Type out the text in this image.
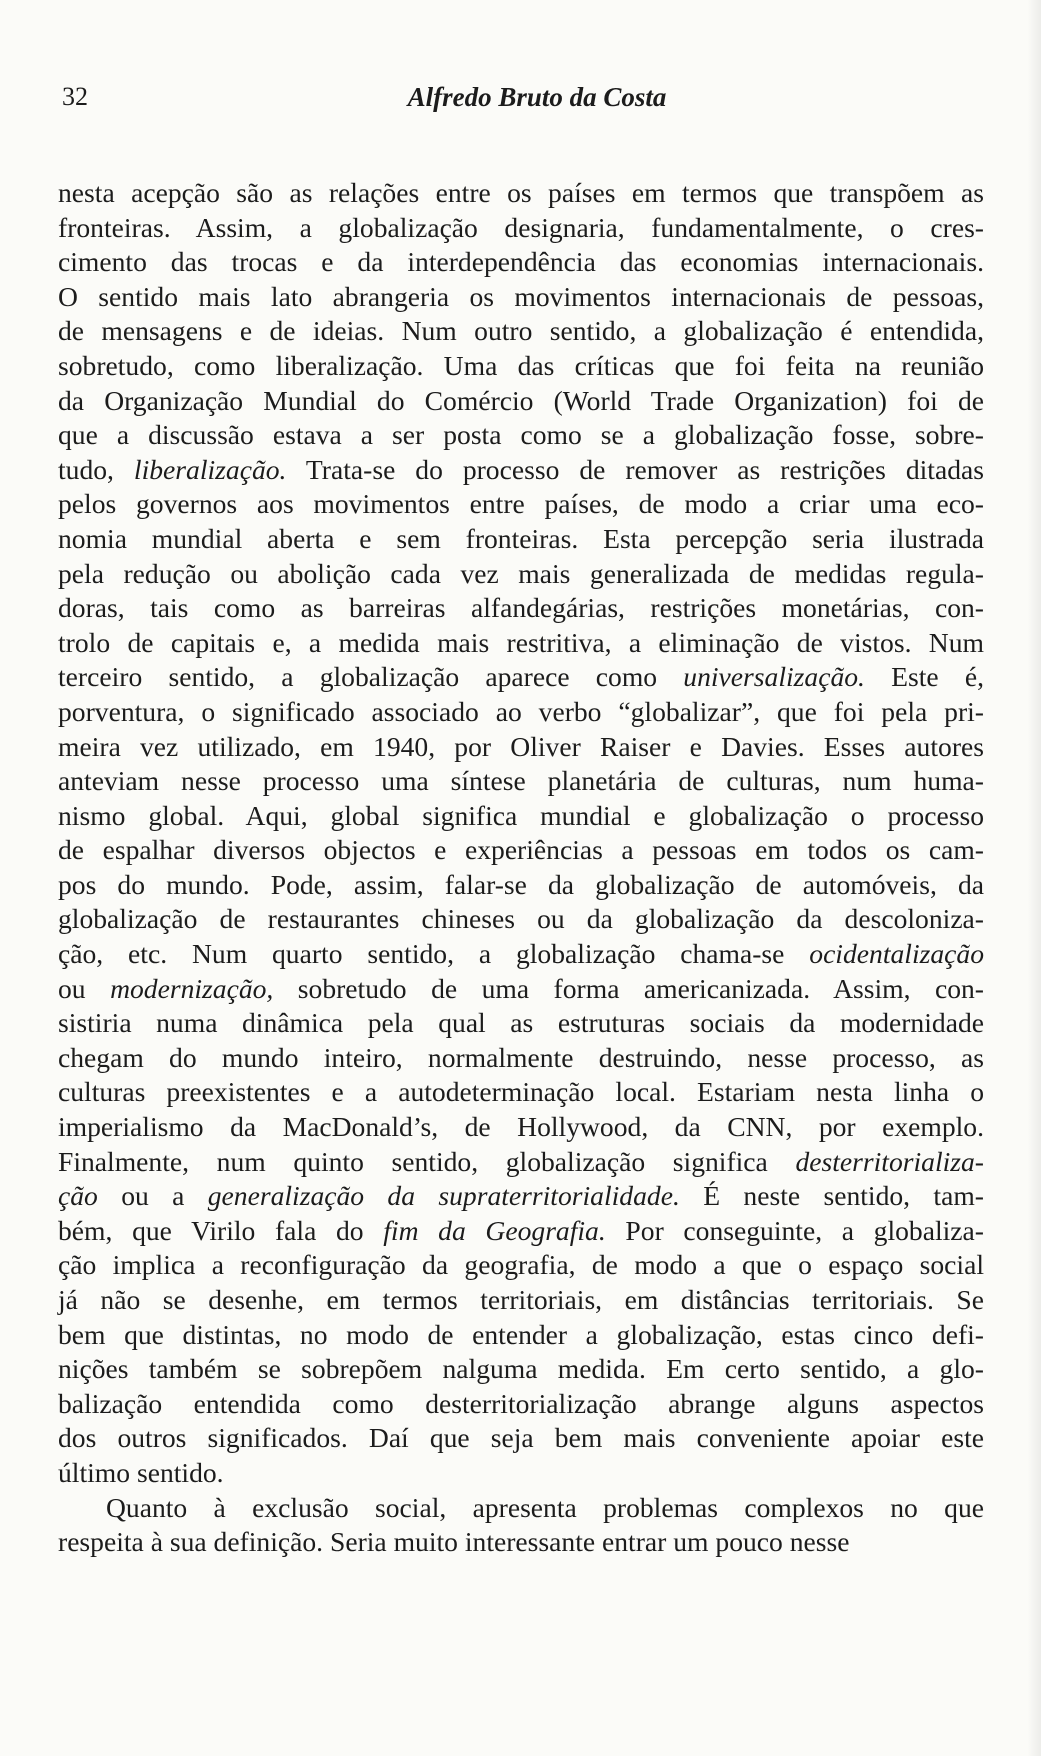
32	Alfredo Bruto da Costa

nesta acepção são as relações entre os países em termos que transpõem as
fronteiras. Assim, a globalização designaria, fundamentalmente, o cres-
cimento das trocas e da interdependência das economias internacionais.
O sentido mais lato abrangeria os movimentos internacionais de pessoas,
de mensagens e de ideias. Num outro sentido, a globalização é entendida,
sobretudo, como liberalização. Uma das críticas que foi feita na reunião
da Organização Mundial do Comércio (World Trade Organization) foi de
que a discussão estava a ser posta como se a globalização fosse, sobre-
tudo, liberalização. Trata-se do processo de remover as restrições ditadas
pelos governos aos movimentos entre países, de modo a criar uma eco-
nomia mundial aberta e sem fronteiras. Esta percepção seria ilustrada
pela redução ou abolição cada vez mais generalizada de medidas regula-
doras, tais como as barreiras alfandegárias, restrições monetárias, con-
trolo de capitais e, a medida mais restritiva, a eliminação de vistos. Num
terceiro sentido, a globalização aparece como universalização. Este é,
porventura, o significado associado ao verbo “globalizar”, que foi pela pri-
meira vez utilizado, em 1940, por Oliver Raiser e Davies. Esses autores
anteviam nesse processo uma síntese planetária de culturas, num huma-
nismo global. Aqui, global significa mundial e globalização o processo
de espalhar diversos objectos e experiências a pessoas em todos os cam-
pos do mundo. Pode, assim, falar-se da globalização de automóveis, da
globalização de restaurantes chineses ou da globalização da descoloniza-
ção, etc. Num quarto sentido, a globalização chama-se ocidentalização
ou modernização, sobretudo de uma forma americanizada. Assim, con-
sistiria numa dinâmica pela qual as estruturas sociais da modernidade
chegam do mundo inteiro, normalmente destruindo, nesse processo, as
culturas preexistentes e a autodeterminação local. Estariam nesta linha o
imperialismo da MacDonald’s, de Hollywood, da CNN, por exemplo.
Finalmente, num quinto sentido, globalização significa desterritorializa-
ção ou a generalização da supraterritorialidade. É neste sentido, tam-
bém, que Virilo fala do fim da Geografia. Por conseguinte, a globaliza-
ção implica a reconfiguração da geografia, de modo a que o espaço social
já não se desenhe, em termos territoriais, em distâncias territoriais. Se
bem que distintas, no modo de entender a globalização, estas cinco defi-
nições também se sobrepõem nalguma medida. Em certo sentido, a glo-
balização entendida como desterritorialização abrange alguns aspectos
dos outros significados. Daí que seja bem mais conveniente apoiar este
último sentido.

Quanto à exclusão social, apresenta problemas complexos no que
respeita à sua definição. Seria muito interessante entrar um pouco nesse
